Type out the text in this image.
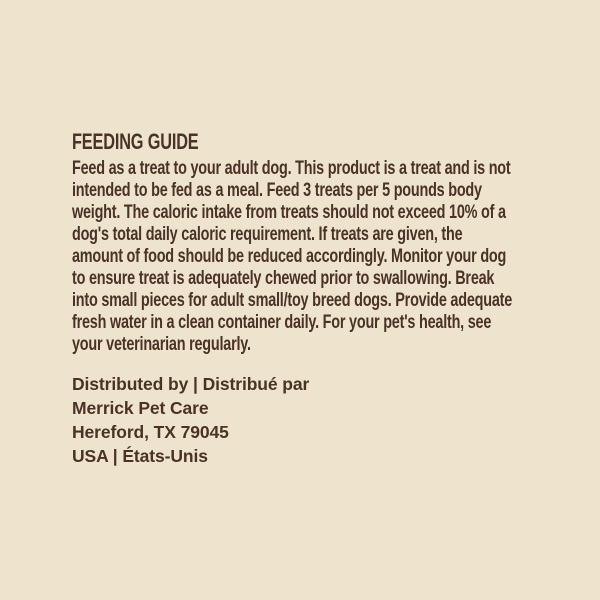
FEEDING GUIDE
Feed as a treat to your adult dog. This product is a treat and is not
intended to be fed as a meal. Feed 3 treats per 5 pounds body
weight. The caloric intake from treats should not exceed 10% of a
dog's total daily caloric requirement. If treats are given, the
amount of food should be reduced accordingly. Monitor your dog
to ensure treat is adequately chewed prior to swallowing. Break
into small pieces for adult small/toy breed dogs. Provide adequate
fresh water in a clean container daily. For your pet's health, see
your veterinarian regularly.
Distributed by | Distribué par
Merrick Pet Care
Hereford, TX 79045
USA | États-Unis
